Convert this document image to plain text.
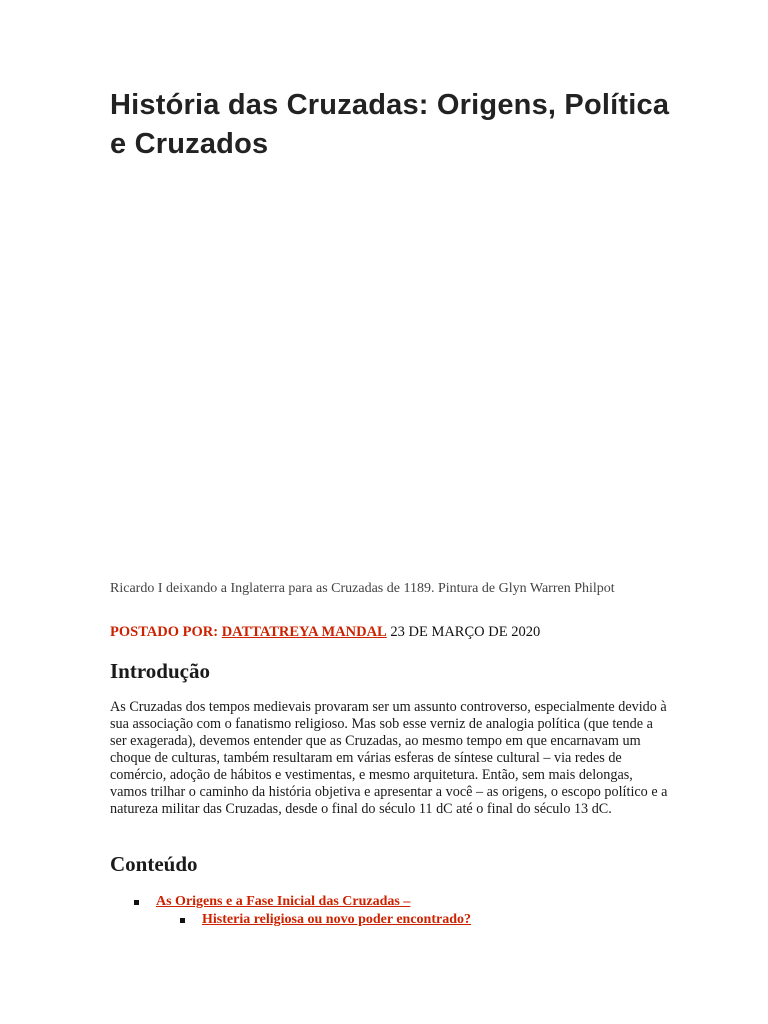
História das Cruzadas: Origens, Política e Cruzados

Ricardo I deixando a Inglaterra para as Cruzadas de 1189. Pintura de Glyn Warren Philpot

POSTADO POR: DATTATREYA MANDAL 23 DE MARÇO DE 2020

Introdução

As Cruzadas dos tempos medievais provaram ser um assunto controverso, especialmente devido à sua associação com o fanatismo religioso. Mas sob esse verniz de analogia política (que tende a ser exagerada), devemos entender que as Cruzadas, ao mesmo tempo em que encarnavam um choque de culturas, também resultaram em várias esferas de síntese cultural – via redes de comércio, adoção de hábitos e vestimentas, e mesmo arquitetura. Então, sem mais delongas, vamos trilhar o caminho da história objetiva e apresentar a você – as origens, o escopo político e a natureza militar das Cruzadas, desde o final do século 11 dC até o final do século 13 dC.

Conteúdo
As Origens e a Fase Inicial das Cruzadas –
Histeria religiosa ou novo poder encontrado?
